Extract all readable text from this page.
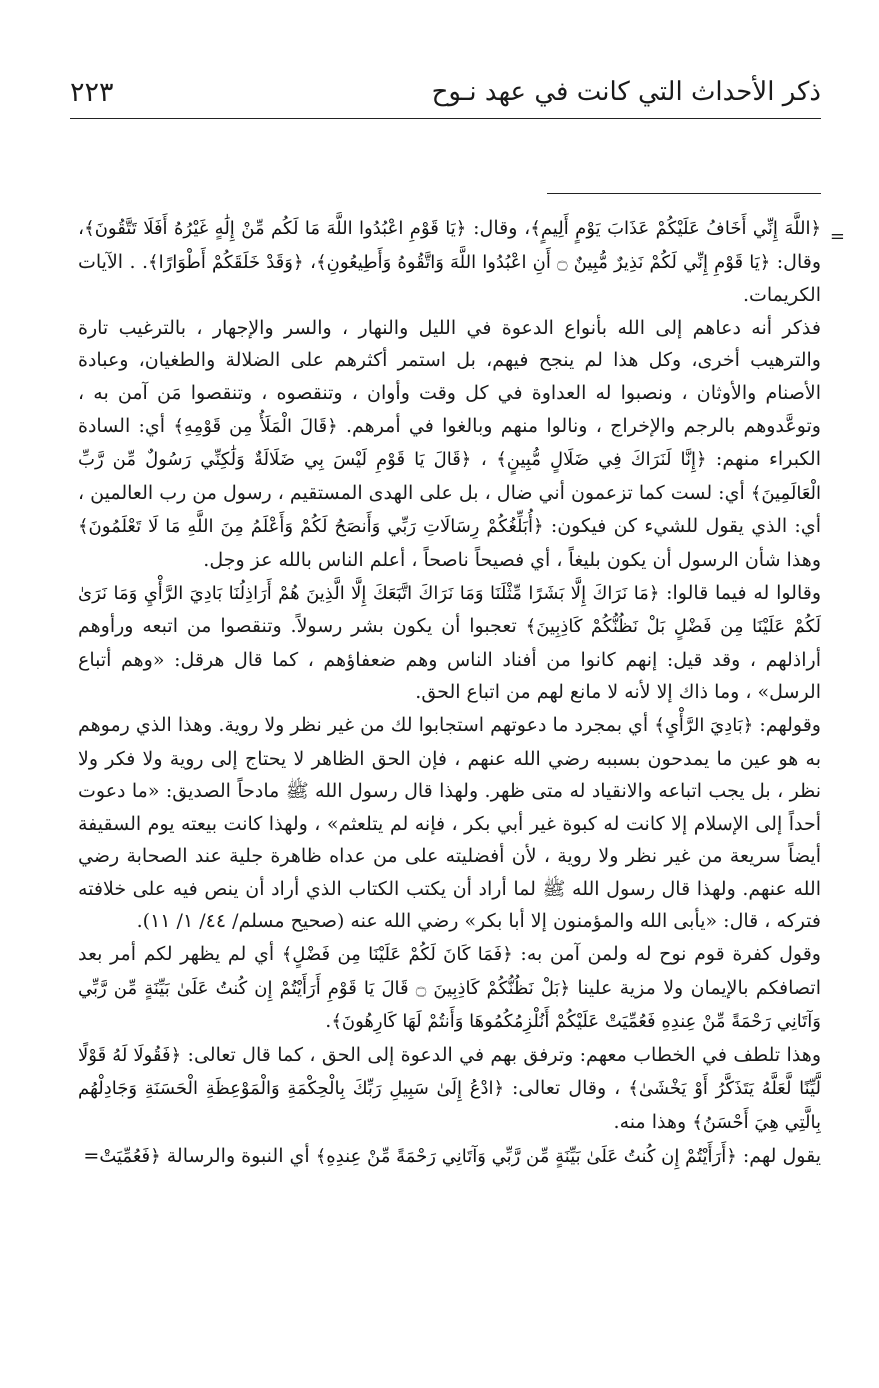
ذكر الأحداث التي كانت في عهد نـوح
٢٢٣
=

﴿اللَّهَ إِنِّي أَخَافُ عَلَيْكُمْ عَذَابَ يَوْمٍ أَلِيمٍ﴾، وقال: ﴿يَا قَوْمِ اعْبُدُوا اللَّهَ مَا لَكُم مِّنْ إِلَٰهٍ غَيْرُهُ أَفَلَا تَتَّقُونَ﴾، وقال: ﴿يَا قَوْمِ إِنِّي لَكُمْ نَذِيرٌ مُّبِينٌ ۝ أَنِ اعْبُدُوا اللَّهَ وَاتَّقُوهُ وَأَطِيعُونِ﴾، ﴿وَقَدْ خَلَقَكُمْ أَطْوَارًا﴾. . الآيات الكريمات.

فذكر أنه دعاهم إلى الله بأنواع الدعوة في الليل والنهار ، والسر والإجهار ، بالترغيب تارة والترهيب أخرى، وكل هذا لم ينجح فيهم، بل استمر أكثرهم على الضلالة والطغيان، وعبادة الأصنام والأوثان ، ونصبوا له العداوة في كل وقت وأوان ، وتنقصوه ، وتنقصوا مَن آمن به ، وتوعَّدوهم بالرجم والإخراج ، ونالوا منهم وبالغوا في أمرهم. ﴿قَالَ الْمَلَأُ مِن قَوْمِهِ﴾ أي: السادة الكبراء منهم: ﴿إِنَّا لَنَرَاكَ فِي ضَلَالٍ مُّبِينٍ﴾ ، ﴿قَالَ يَا قَوْمِ لَيْسَ بِي ضَلَالَةٌ وَلَٰكِنِّي رَسُولٌ مِّن رَّبِّ الْعَالَمِينَ﴾ أي: لست كما تزعمون أني ضال ، بل على الهدى المستقيم ، رسول من رب العالمين ، أي: الذي يقول للشيء كن فيكون: ﴿أُبَلِّغُكُمْ رِسَالَاتِ رَبِّي وَأَنصَحُ لَكُمْ وَأَعْلَمُ مِنَ اللَّهِ مَا لَا تَعْلَمُونَ﴾ وهذا شأن الرسول أن يكون بليغاً ، أي فصيحاً ناصحاً ، أعلم الناس بالله عز وجل.

وقالوا له فيما قالوا: ﴿مَا نَرَاكَ إِلَّا بَشَرًا مِّثْلَنَا وَمَا نَرَاكَ اتَّبَعَكَ إِلَّا الَّذِينَ هُمْ أَرَاذِلُنَا بَادِيَ الرَّأْيِ وَمَا نَرَىٰ لَكُمْ عَلَيْنَا مِن فَضْلٍ بَلْ نَظُنُّكُمْ كَاذِبِينَ﴾ تعجبوا أن يكون بشر رسولاً. وتنقصوا من اتبعه ورأوهم أراذلهم ، وقد قيل: إنهم كانوا من أفناد الناس وهم ضعفاؤهم ، كما قال هرقل: «وهم أتباع الرسل» ، وما ذاك إلا لأنه لا مانع لهم من اتباع الحق.

وقولهم: ﴿بَادِيَ الرَّأْيِ﴾ أي بمجرد ما دعوتهم استجابوا لك من غير نظر ولا روية. وهذا الذي رموهم به هو عين ما يمدحون بسببه رضي الله عنهم ، فإن الحق الظاهر لا يحتاج إلى روية ولا فكر ولا نظر ، بل يجب اتباعه والانقياد له متى ظهر. ولهذا قال رسول الله ﷺ مادحاً الصديق: «ما دعوت أحداً إلى الإسلام إلا كانت له كبوة غير أبي بكر ، فإنه لم يتلعثم» ، ولهذا كانت بيعته يوم السقيفة أيضاً سريعة من غير نظر ولا روية ، لأن أفضليته على من عداه ظاهرة جلية عند الصحابة رضي الله عنهم. ولهذا قال رسول الله ﷺ لما أراد أن يكتب الكتاب الذي أراد أن ينص فيه على خلافته فتركه ، قال: «يأبى الله والمؤمنون إلا أبا بكر» رضي الله عنه (صحيح مسلم/ ٤٤/ ١/ ١١).

وقول كفرة قوم نوح له ولمن آمن به: ﴿فَمَا كَانَ لَكُمْ عَلَيْنَا مِن فَضْلٍ﴾ أي لم يظهر لكم أمر بعد اتصافكم بالإيمان ولا مزية علينا ﴿بَلْ نَظُنُّكُمْ كَاذِبِينَ ۝ قَالَ يَا قَوْمِ أَرَأَيْتُمْ إِن كُنتُ عَلَىٰ بَيِّنَةٍ مِّن رَّبِّي وَآتَانِي رَحْمَةً مِّنْ عِندِهِ فَعُمِّيَتْ عَلَيْكُمْ أَنُلْزِمُكُمُوهَا وَأَنتُمْ لَهَا كَارِهُونَ﴾.

وهذا تلطف في الخطاب معهم: وترفق بهم في الدعوة إلى الحق ، كما قال تعالى: ﴿فَقُولَا لَهُ قَوْلًا لَّيِّنًا لَّعَلَّهُ يَتَذَكَّرُ أَوْ يَخْشَىٰ﴾ ، وقال تعالى: ﴿ادْعُ إِلَىٰ سَبِيلِ رَبِّكَ بِالْحِكْمَةِ وَالْمَوْعِظَةِ الْحَسَنَةِ وَجَادِلْهُم بِالَّتِي هِيَ أَحْسَنُ﴾ وهذا منه.

يقول لهم: ﴿أَرَأَيْتُمْ إِن كُنتُ عَلَىٰ بَيِّنَةٍ مِّن رَّبِّي وَآتَانِي رَحْمَةً مِّنْ عِندِهِ﴾ أي النبوة والرسالة ﴿فَعُمِّيَتْ=
